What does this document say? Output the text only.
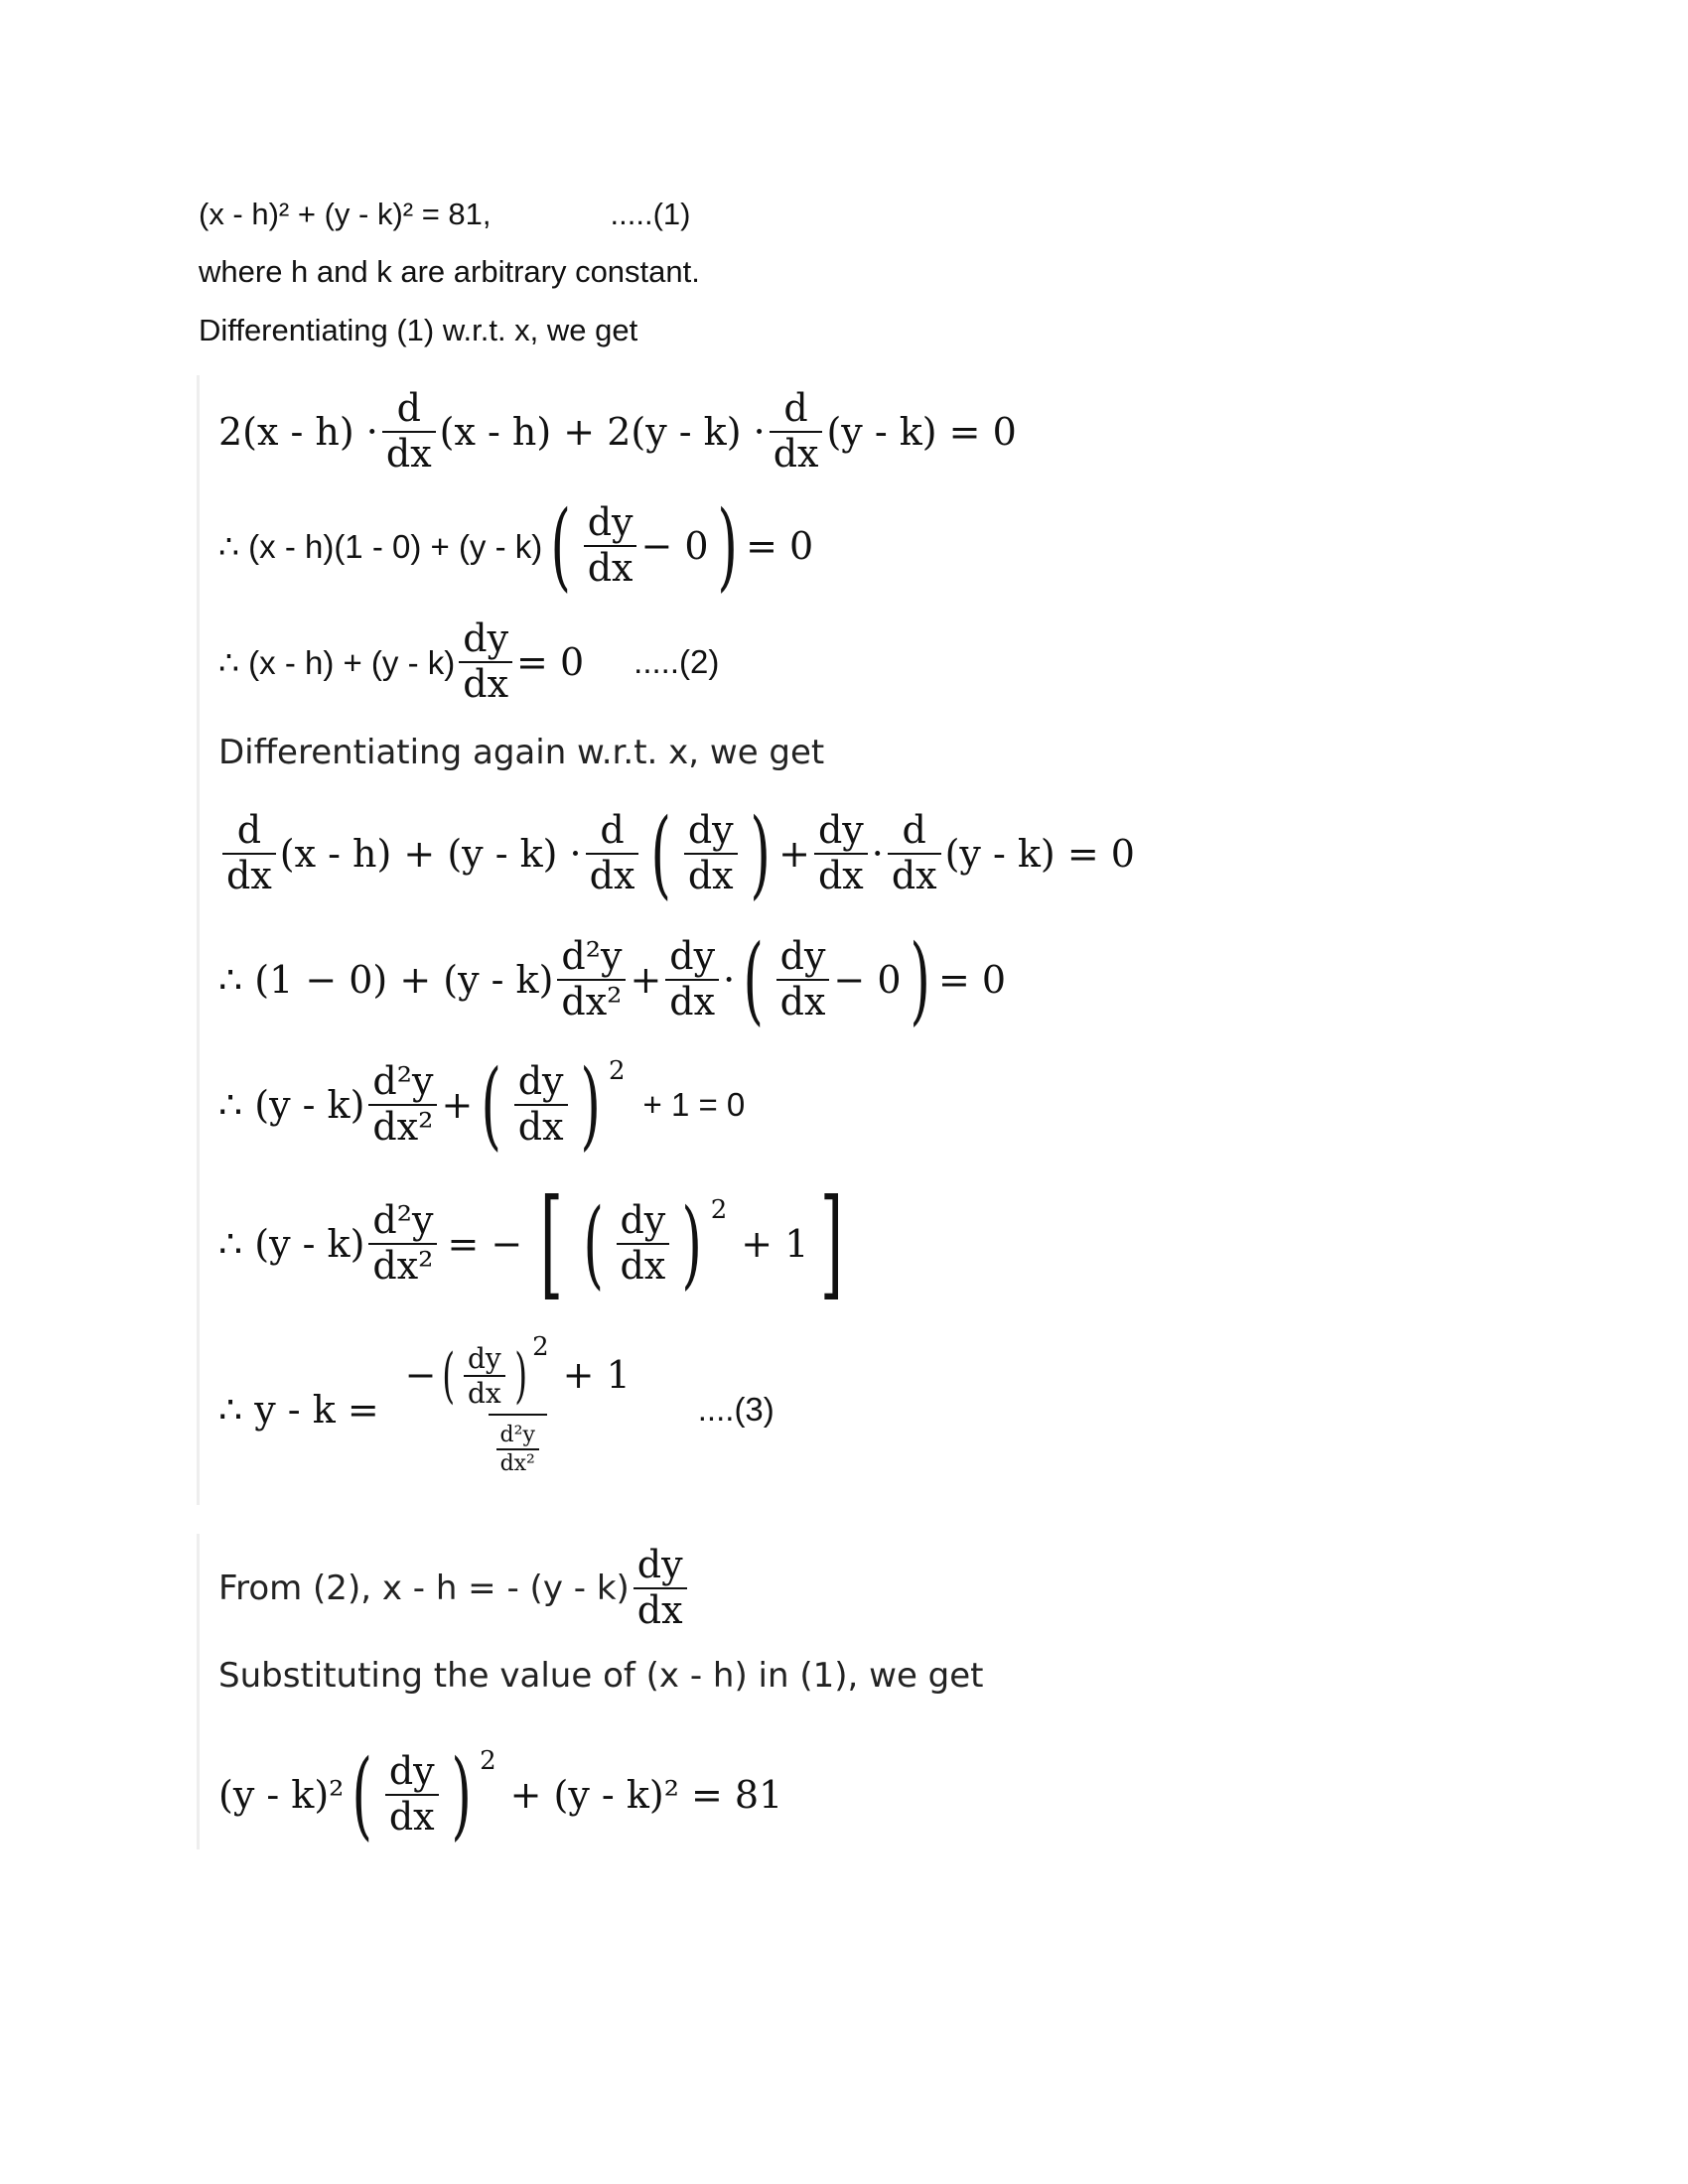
(x - h)² + (y - k)² = 81,	.....(1)
where h and k are arbitrary constant.
Differentiating (1) w.r.t. x, we get
$2(x - h) \cdot \frac{d}{dx} (x - h) + 2(y - k) \cdot \frac{d}{dx} (y - k) = 0$
∴ (x - h)(1 - 0) + (y - k) ( $\frac{dy}{dx} - 0$ ) = 0
∴ $(x - h) + (y - k) \frac{dy}{dx} = 0$ .....(2)
Differentiating again w.r.t. x, we get
$\frac{d}{dx} (x - h) + (y - k) \cdot \frac{d}{dx}$ ( $\frac{dy}{dx}$ ) + $\frac{dy}{dx} \cdot \frac{d}{dx} (y - k) = 0$
∴ $(1 - 0) + (y - k) \frac{\text{d²y}}{\text{dx²}} + \frac{dy}{dx}$ · ( $\frac{dy}{dx} - 0$ ) = 0
∴ $(y - k) \frac{\text{d²y}}{\text{dx²}}$ + ( $\frac{dy}{dx}$ ) 2
+ 1 = 0
∴ $(y - k) \frac{\text{d²y}}{\text{dx²}}$ = − [ ( $\frac{dy}{dx}$ ) 2
+ 1 ]
∴ y - k = − ( $\frac{dy}{dx}$ ) 2
+ 1
$\frac{\text{d²y}}{\text{dx²}} ....(3)$
From (2), x - h = - $(y - k) \frac{dy}{dx}$
Substituting the value of (x - h) in (1), we get
(y - k)² ( $\frac{dy}{dx}$ ) 2
+ (y - k)² = 81
